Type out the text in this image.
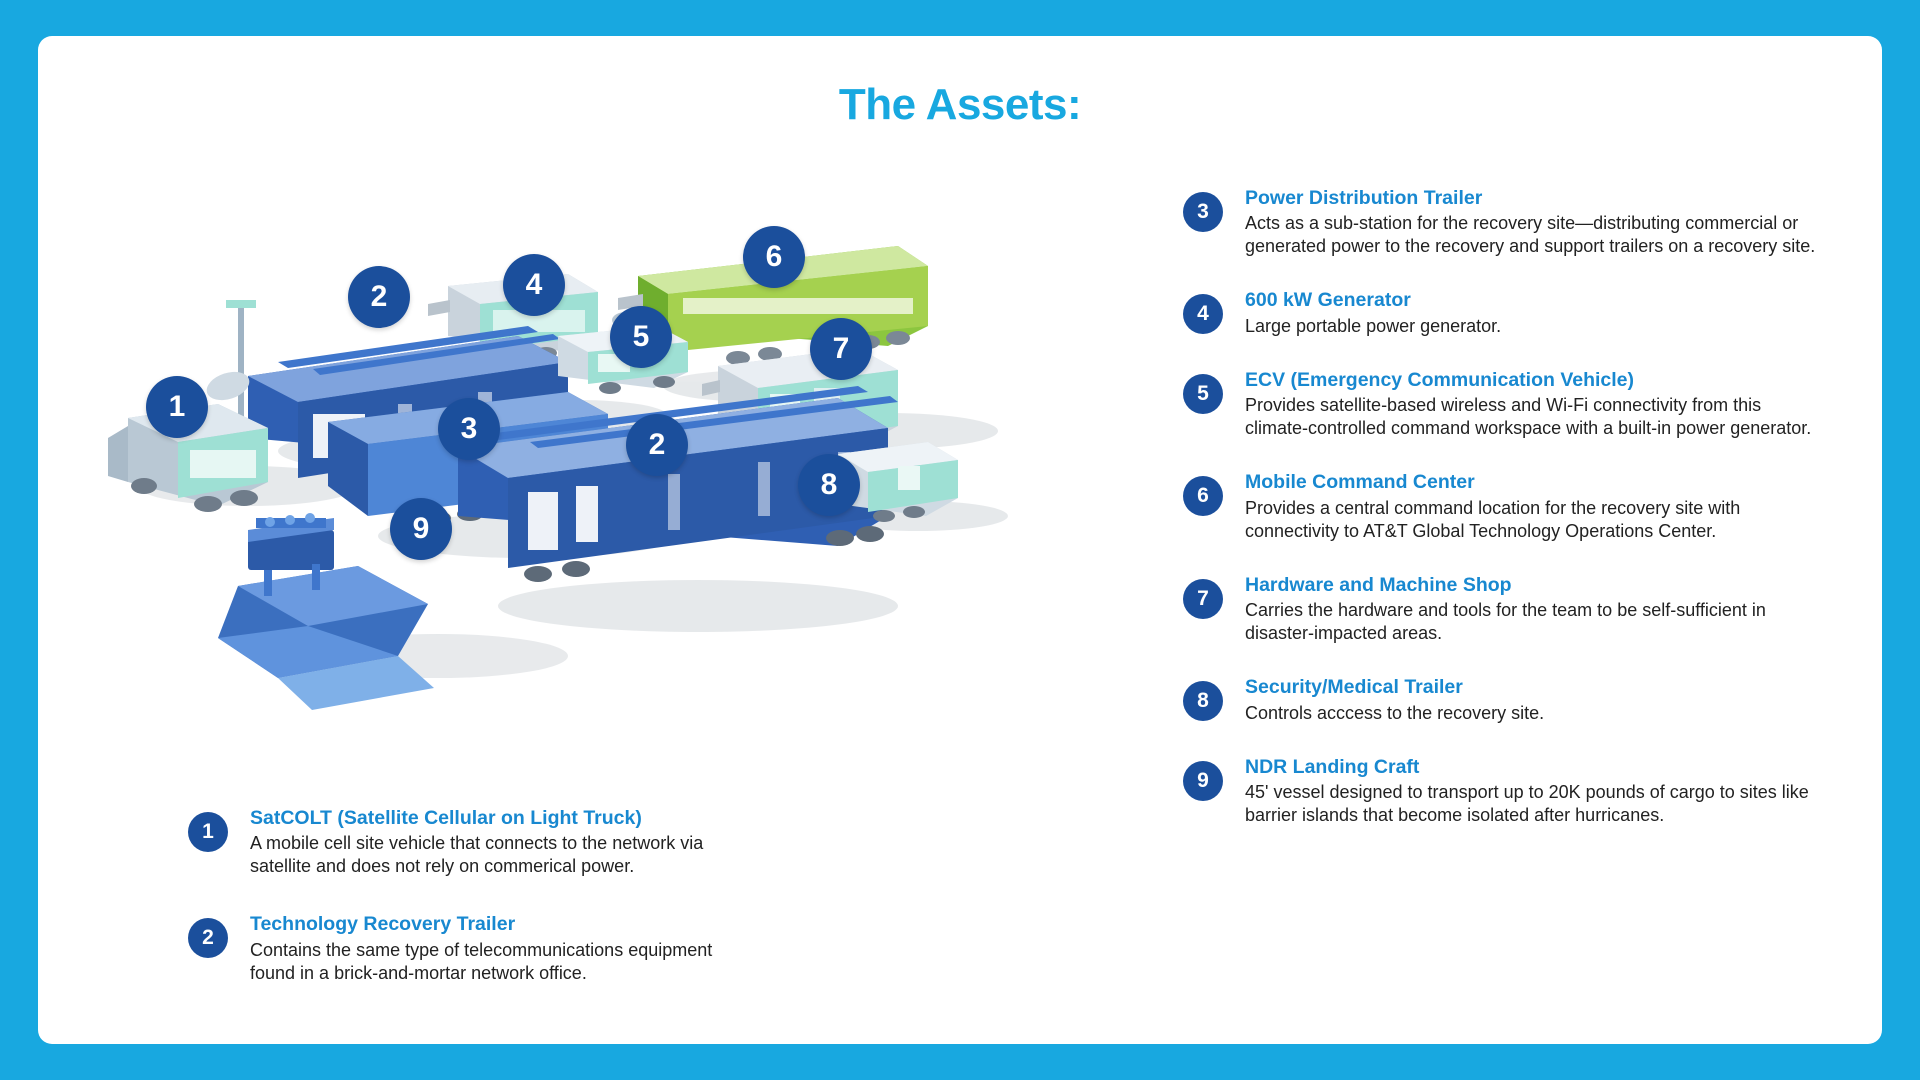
The Assets:
1
2	4
6
5	7
3	2
8
9
3
Power Distribution Trailer
Acts as a sub-station for the recovery site—distributing commercial or generated power to the recovery and support trailers on a recovery site.
4
600 kW Generator
Large portable power generator.
5
ECV (Emergency Communication Vehicle)
Provides satellite-based wireless and Wi-Fi connectivity from this climate-controlled command workspace with a built-in power generator.
6
Mobile Command Center
Provides a central command location for the recovery site with connectivity to AT&T Global Technology Operations Center.
7
Hardware and Machine Shop
Carries the hardware and tools for the team to be self-sufficient in disaster-impacted areas.
8
Security/Medical Trailer
Controls acccess to the recovery site.
9
NDR Landing Craft
45' vessel designed to transport up to 20K pounds of cargo to sites like barrier islands that become isolated after hurricanes.
1
SatCOLT (Satellite Cellular on Light Truck)
A mobile cell site vehicle that connects to the network via satellite and does not rely on commerical power.
2
Technology Recovery Trailer
Contains the same type of telecommunications equipment found in a brick-and-mortar network office.
